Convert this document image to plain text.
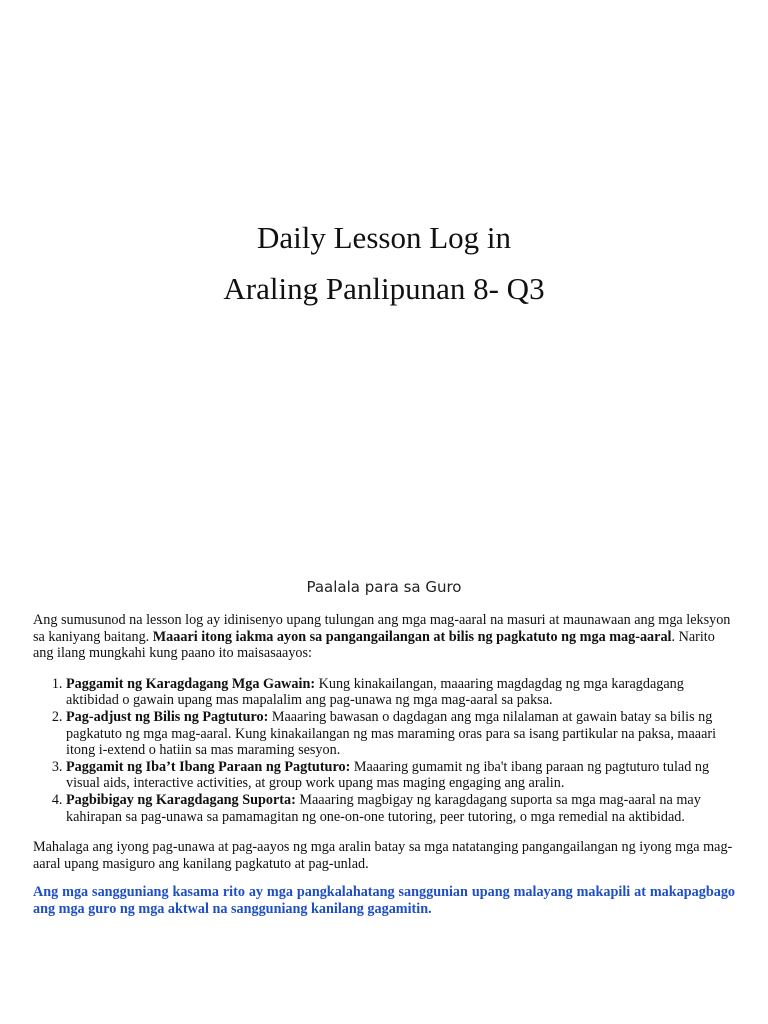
Daily Lesson Log in
Araling Panlipunan 8- Q3
Paalala para sa Guro

Ang sumusunod na lesson log ay idinisenyo upang tulungan ang mga mag-aaral na masuri at maunawaan ang mga leksyon sa kaniyang baitang. Maaari itong iakma ayon sa pangangailangan at bilis ng pagkatuto ng mga mag-aaral. Narito ang ilang mungkahi kung paano ito maisasaayos:

1. Paggamit ng Karagdagang Mga Gawain: Kung kinakailangan, maaaring magdagdag ng mga karagdagang aktibidad o gawain upang mas mapalalim ang pag-unawa ng mga mag-aaral sa paksa.
2. Pag-adjust ng Bilis ng Pagtuturo: Maaaring bawasan o dagdagan ang mga nilalaman at gawain batay sa bilis ng pagkatuto ng mga mag-aaral. Kung kinakailangan ng mas maraming oras para sa isang partikular na paksa, maaari itong i-extend o hatiin sa mas maraming sesyon.
3. Paggamit ng Iba’t Ibang Paraan ng Pagtuturo: Maaaring gumamit ng iba't ibang paraan ng pagtuturo tulad ng visual aids, interactive activities, at group work upang mas maging engaging ang aralin.
4. Pagbibigay ng Karagdagang Suporta: Maaaring magbigay ng karagdagang suporta sa mga mag-aaral na may kahirapan sa pag-unawa sa pamamagitan ng one-on-one tutoring, peer tutoring, o mga remedial na aktibidad.

Mahalaga ang iyong pag-unawa at pag-aayos ng mga aralin batay sa mga natatanging pangangailangan ng iyong mga mag-aaral upang masiguro ang kanilang pagkatuto at pag-unlad.

Ang mga sangguniang kasama rito ay mga pangkalahatang sanggunian upang malayang makapili at makapagbago ang mga guro ng mga aktwal na sangguniang kanilang gagamitin.
